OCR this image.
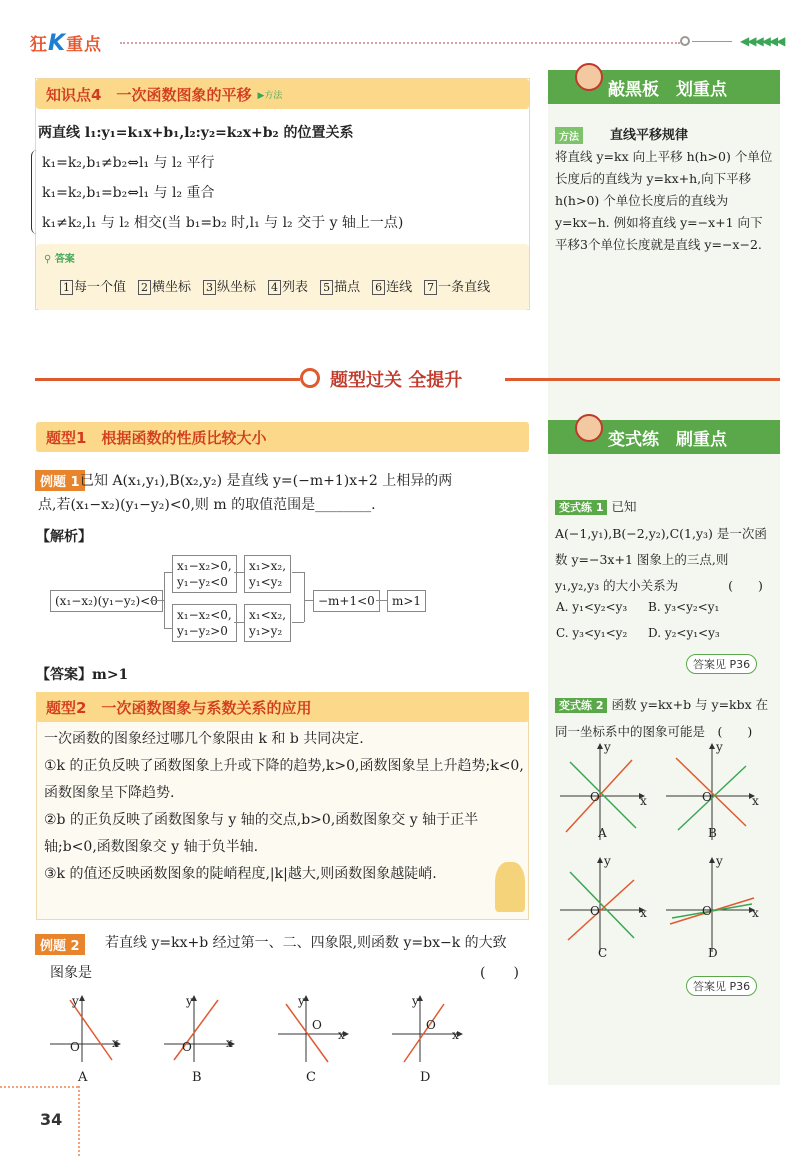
狂K重点	◀◀◀◀◀◀
知识点4　一次函数图象的平移 ▶方法
两直线 l₁:y₁=k₁x+b₁,l₂:y₂=k₂x+b₂ 的位置关系
k₁=k₂,b₁≠b₂⇔l₁ 与 l₂ 平行
k₁=k₂,b₁=b₂⇔l₁ 与 l₂ 重合
k₁≠k₂,l₁ 与 l₂ 相交(当 b₁=b₂ 时,l₁ 与 l₂ 交于 y 轴上一点)
⚲ 答案
1 每一个值 2 横坐标 3 纵坐标 4 列表 5 描点 6 连线 7 一条直线
敲黑板　划重点
方法	直线平移规律
将直线 y=kx 向上平移 h(h>0) 个单位长度后的直线为 y=kx+h,向下平移 h(h>0) 个单位长度后的直线为 y=kx−h. 例如将直线 y=−x+1 向下平移3个单位长度就是直线 y=−x−2.
题型过关 全提升
题型1　根据函数的性质比较大小
例题 1 已知 A(x₁,y₁),B(x₂,y₂) 是直线 y=(−m+1)x+2 上相异的两
点,若(x₁−x₂)(y₁−y₂)<0,则 m 的取值范围是________.
【解析】
(x₁−x₂)(y₁−y₂)<0
x₁−x₂>0,
y₁−y₂<0
x₁−x₂<0,
y₁−y₂>0
x₁>x₂,
y₁<y₂
x₁<x₂,
y₁>y₂
−m+1<0	m>1
【答案】m>1
变式练　刷重点
变式练 1 已知 A(−1,y₁),B(−2,y₂),C(1,y₃) 是一次函数 y=−3x+1 图象上的三点,则 y₁,y₂,y₃ 的大小关系为　　　　(　　)
A. y₁<y₂<y₃ B. y₃<y₂<y₁
C. y₃<y₁<y₂ D. y₂<y₁<y₃
答案见 P36
变式练 2 函数 y=kx+b 与 y=kbx 在同一坐标系中的图象可能是　(　　)
y
x
O
y
x
O
A	B
y
x
O
y
x
O
C	D
答案见 P36
题型2　一次函数图象与系数关系的应用

一次函数的图象经过哪几个象限由 k 和 b 共同决定.

①k 的正负反映了函数图象上升或下降的趋势,k>0,函数图象呈上升趋势;k<0,函数图象呈下降趋势.

②b 的正负反映了函数图象与 y 轴的交点,b>0,函数图象交 y 轴于正半轴;b<0,函数图象交 y 轴于负半轴.

③k 的值还反映函数图象的陡峭程度,|k|越大,则函数图象越陡峭.

例题 2	若直线 y=kx+b 经过第一、二、四象限,则函数 y=bx−k 的大致
图象是	(　　)
y
x
O
y
x
O
y
x
O
y
x
O
A	B	C	D
34
